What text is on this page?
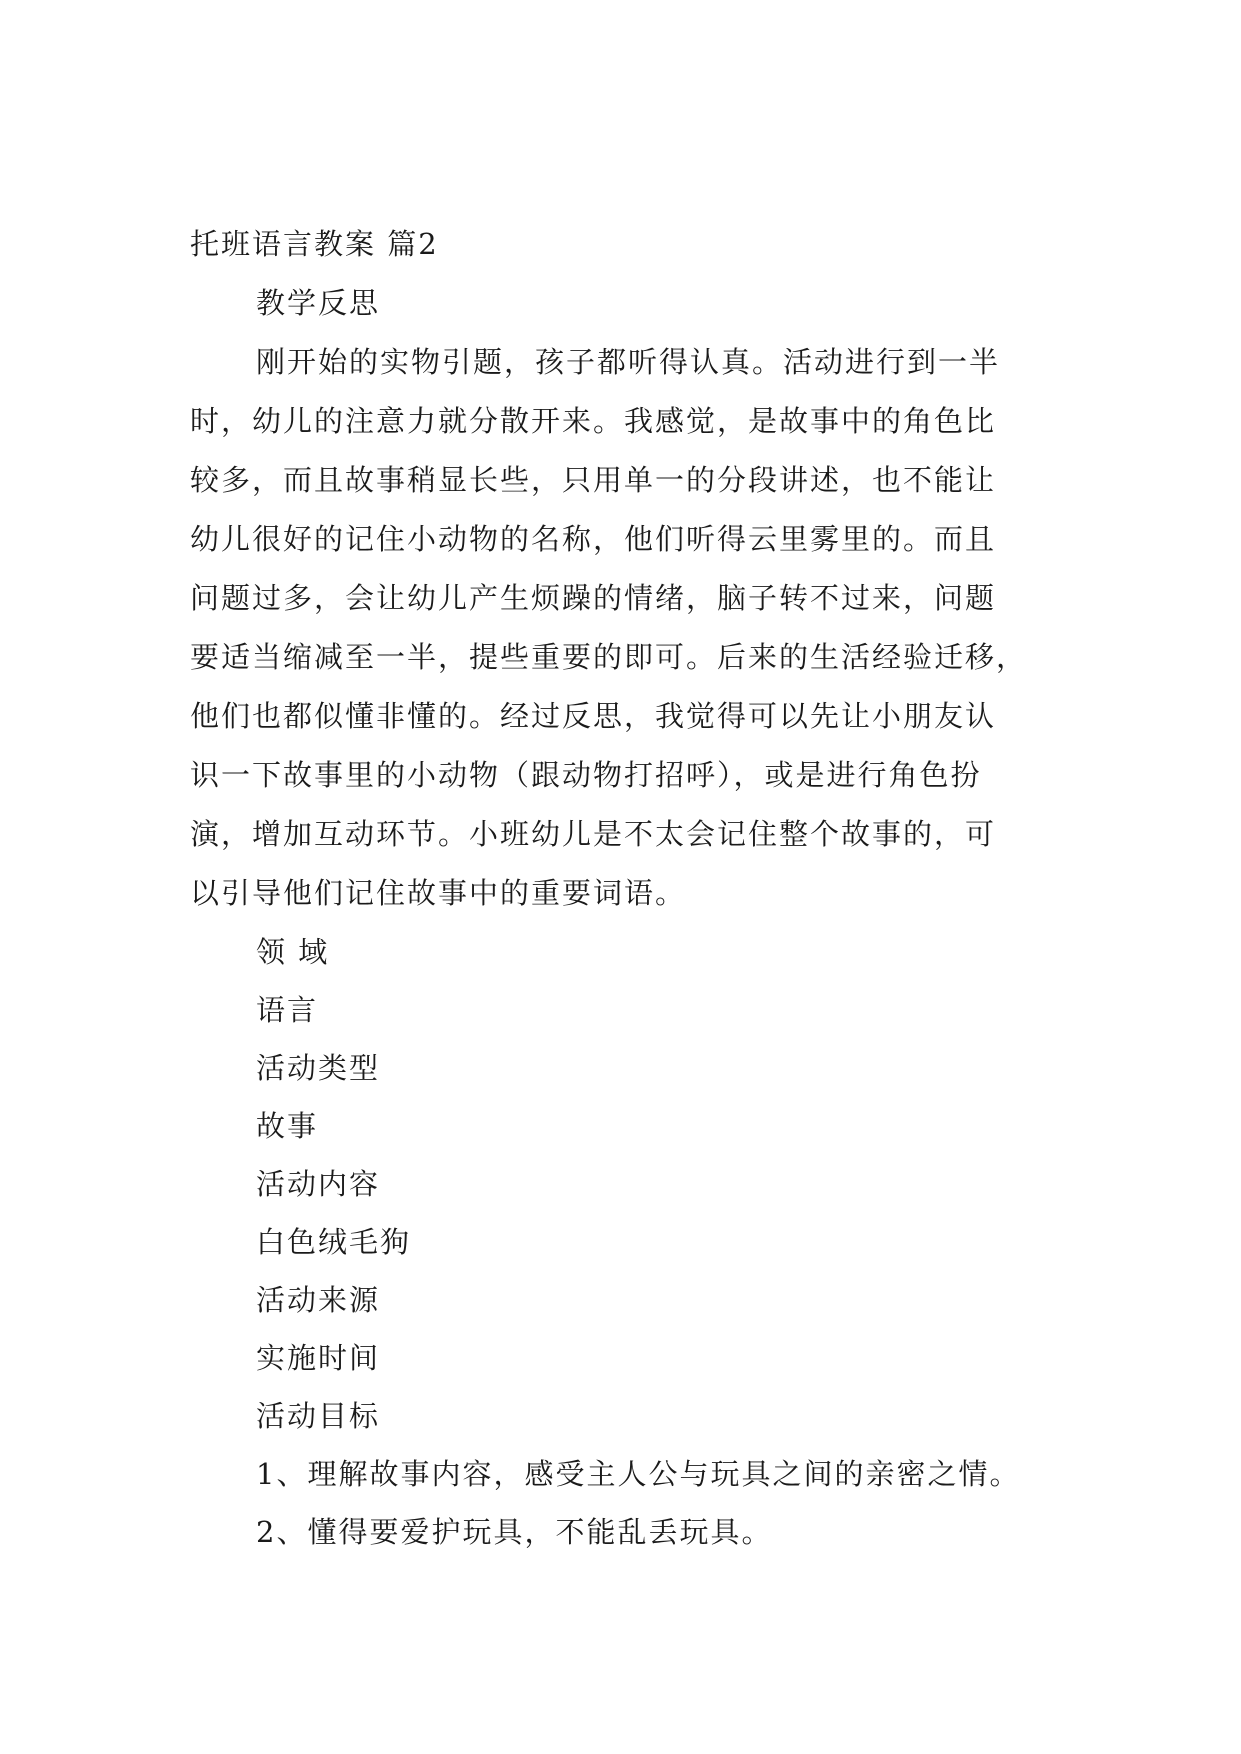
托班语言教案 篇2
教学反思
刚开始的实物引题，孩子都听得认真。活动进行到一半
时，幼儿的注意力就分散开来。我感觉，是故事中的角色比
较多，而且故事稍显长些，只用单一的分段讲述，也不能让
幼儿很好的记住小动物的名称，他们听得云里雾里的。而且
问题过多，会让幼儿产生烦躁的情绪，脑子转不过来，问题
要适当缩减至一半，提些重要的即可。后来的生活经验迁移，
他们也都似懂非懂的。经过反思，我觉得可以先让小朋友认
识一下故事里的小动物（跟动物打招呼），或是进行角色扮
演，增加互动环节。小班幼儿是不太会记住整个故事的，可
以引导他们记住故事中的重要词语。
领 域
语言
活动类型
故事
活动内容
白色绒毛狗
活动来源
实施时间
活动目标
1、理解故事内容，感受主人公与玩具之间的亲密之情。
2、懂得要爱护玩具，不能乱丢玩具。
